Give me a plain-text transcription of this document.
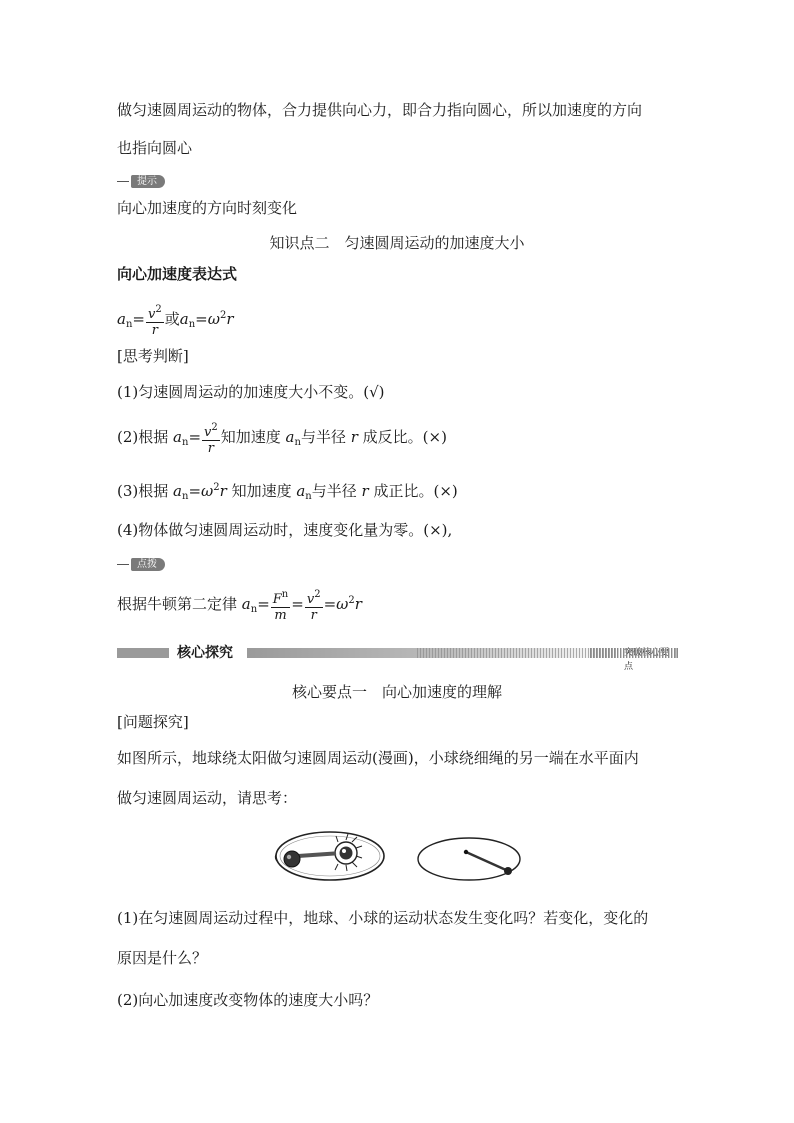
做匀速圆周运动的物体，合力提供向心力，即合力指向圆心，所以加速度的方向
也指向圆心
提示
向心加速度的方向时刻变化
知识点二　匀速圆周运动的加速度大小
向心加速度表达式
$a_n= \frac{v^2}{r}$ 或$a_n=\omega^2r$
[思考判断]
(1)匀速圆周运动的加速度大小不变。(√)
(2)根据 $a_n= \frac{v^2}{r}$ 知加速度 $a_n$与半径 r 成反比。(×)
(3)根据 $a_n=\omega^2r$ 知加速度 $a_n$与半径 r 成正比。(×)
(4)物体做匀速圆周运动时，速度变化量为零。(×),
点拨
根据牛顿第二定律 $a_n= \frac{F^n}{m} = \frac{v^2}{r} =\omega^2r$
核心探究
点
核心要点一　向心加速度的理解
[问题探究]
如图所示，地球绕太阳做匀速圆周运动(漫画)，小球绕细绳的另一端在水平面内
做匀速圆周运动，请思考：
(1)在匀速圆周运动过程中，地球、小球的运动状态发生变化吗？若变化，变化的
原因是什么？
(2)向心加速度改变物体的速度大小吗？
